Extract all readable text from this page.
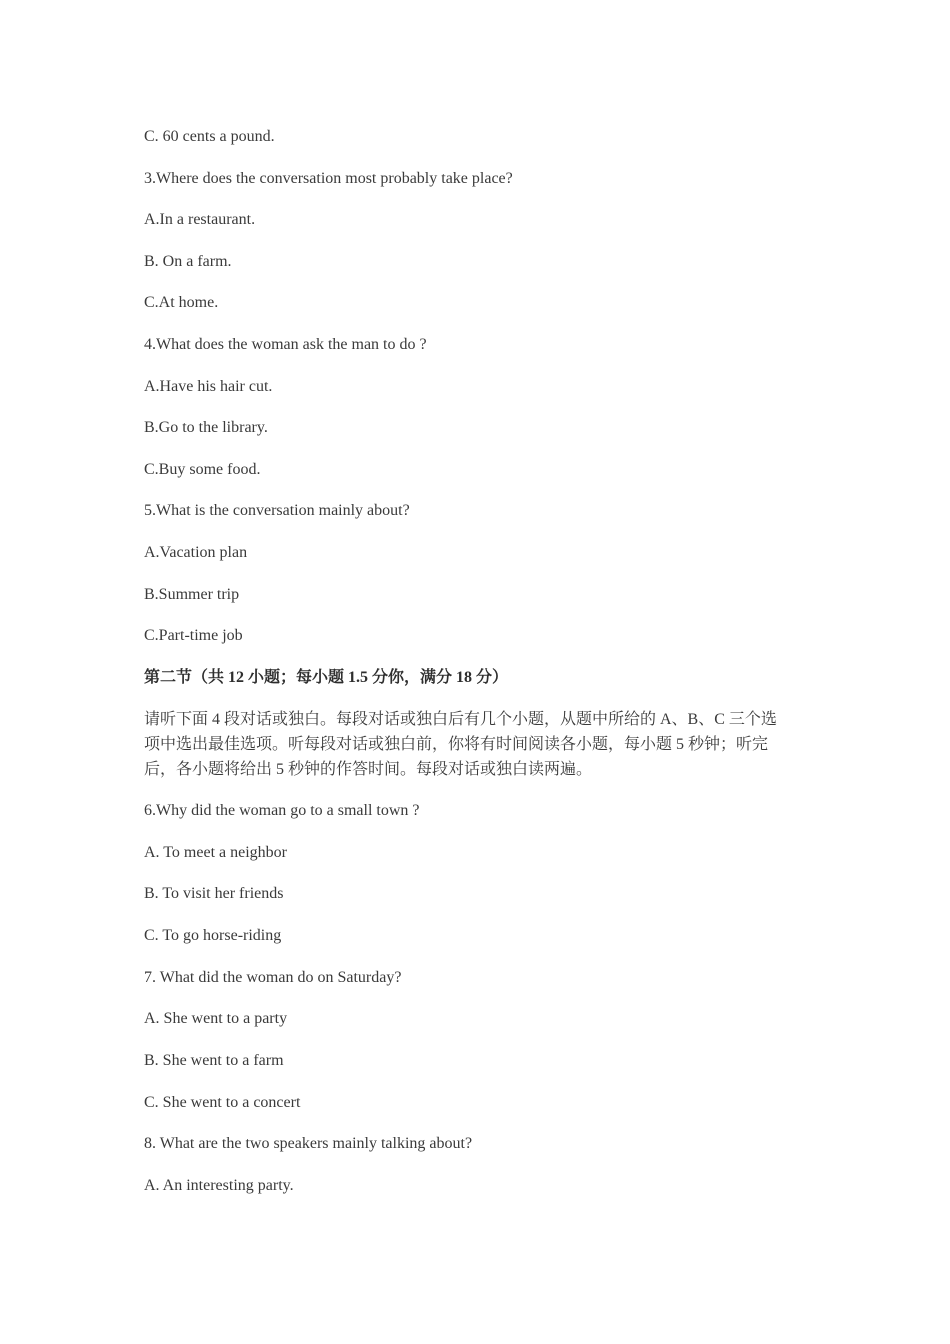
C. 60 cents a pound.
3.Where does the conversation most probably take place?
A.In a restaurant.
B. On a farm.
C.At home.
4.What does the woman ask the man to do ?
A.Have his hair cut.
B.Go to the library.
C.Buy some food.
5.What is the conversation mainly about?
A.Vacation plan
B.Summer trip
C.Part-time job
第二节（共 12 小题；每小题 1.5 分你，满分 18 分）
请听下面 4 段对话或独白。每段对话或独白后有几个小题，从题中所给的 A、B、C 三个选
项中选出最佳选项。听每段对话或独白前，你将有时间阅读各小题，每小题 5 秒钟；听完
后，各小题将给出 5 秒钟的作答时间。每段对话或独白读两遍。
6.Why did the woman go to a small town ?
A. To meet a neighbor
B. To visit her friends
C. To go horse-riding
7. What did the woman do on Saturday?
A. She went to a party
B. She went to a farm
C. She went to a concert
8. What are the two speakers mainly talking about?
A. An interesting party.
